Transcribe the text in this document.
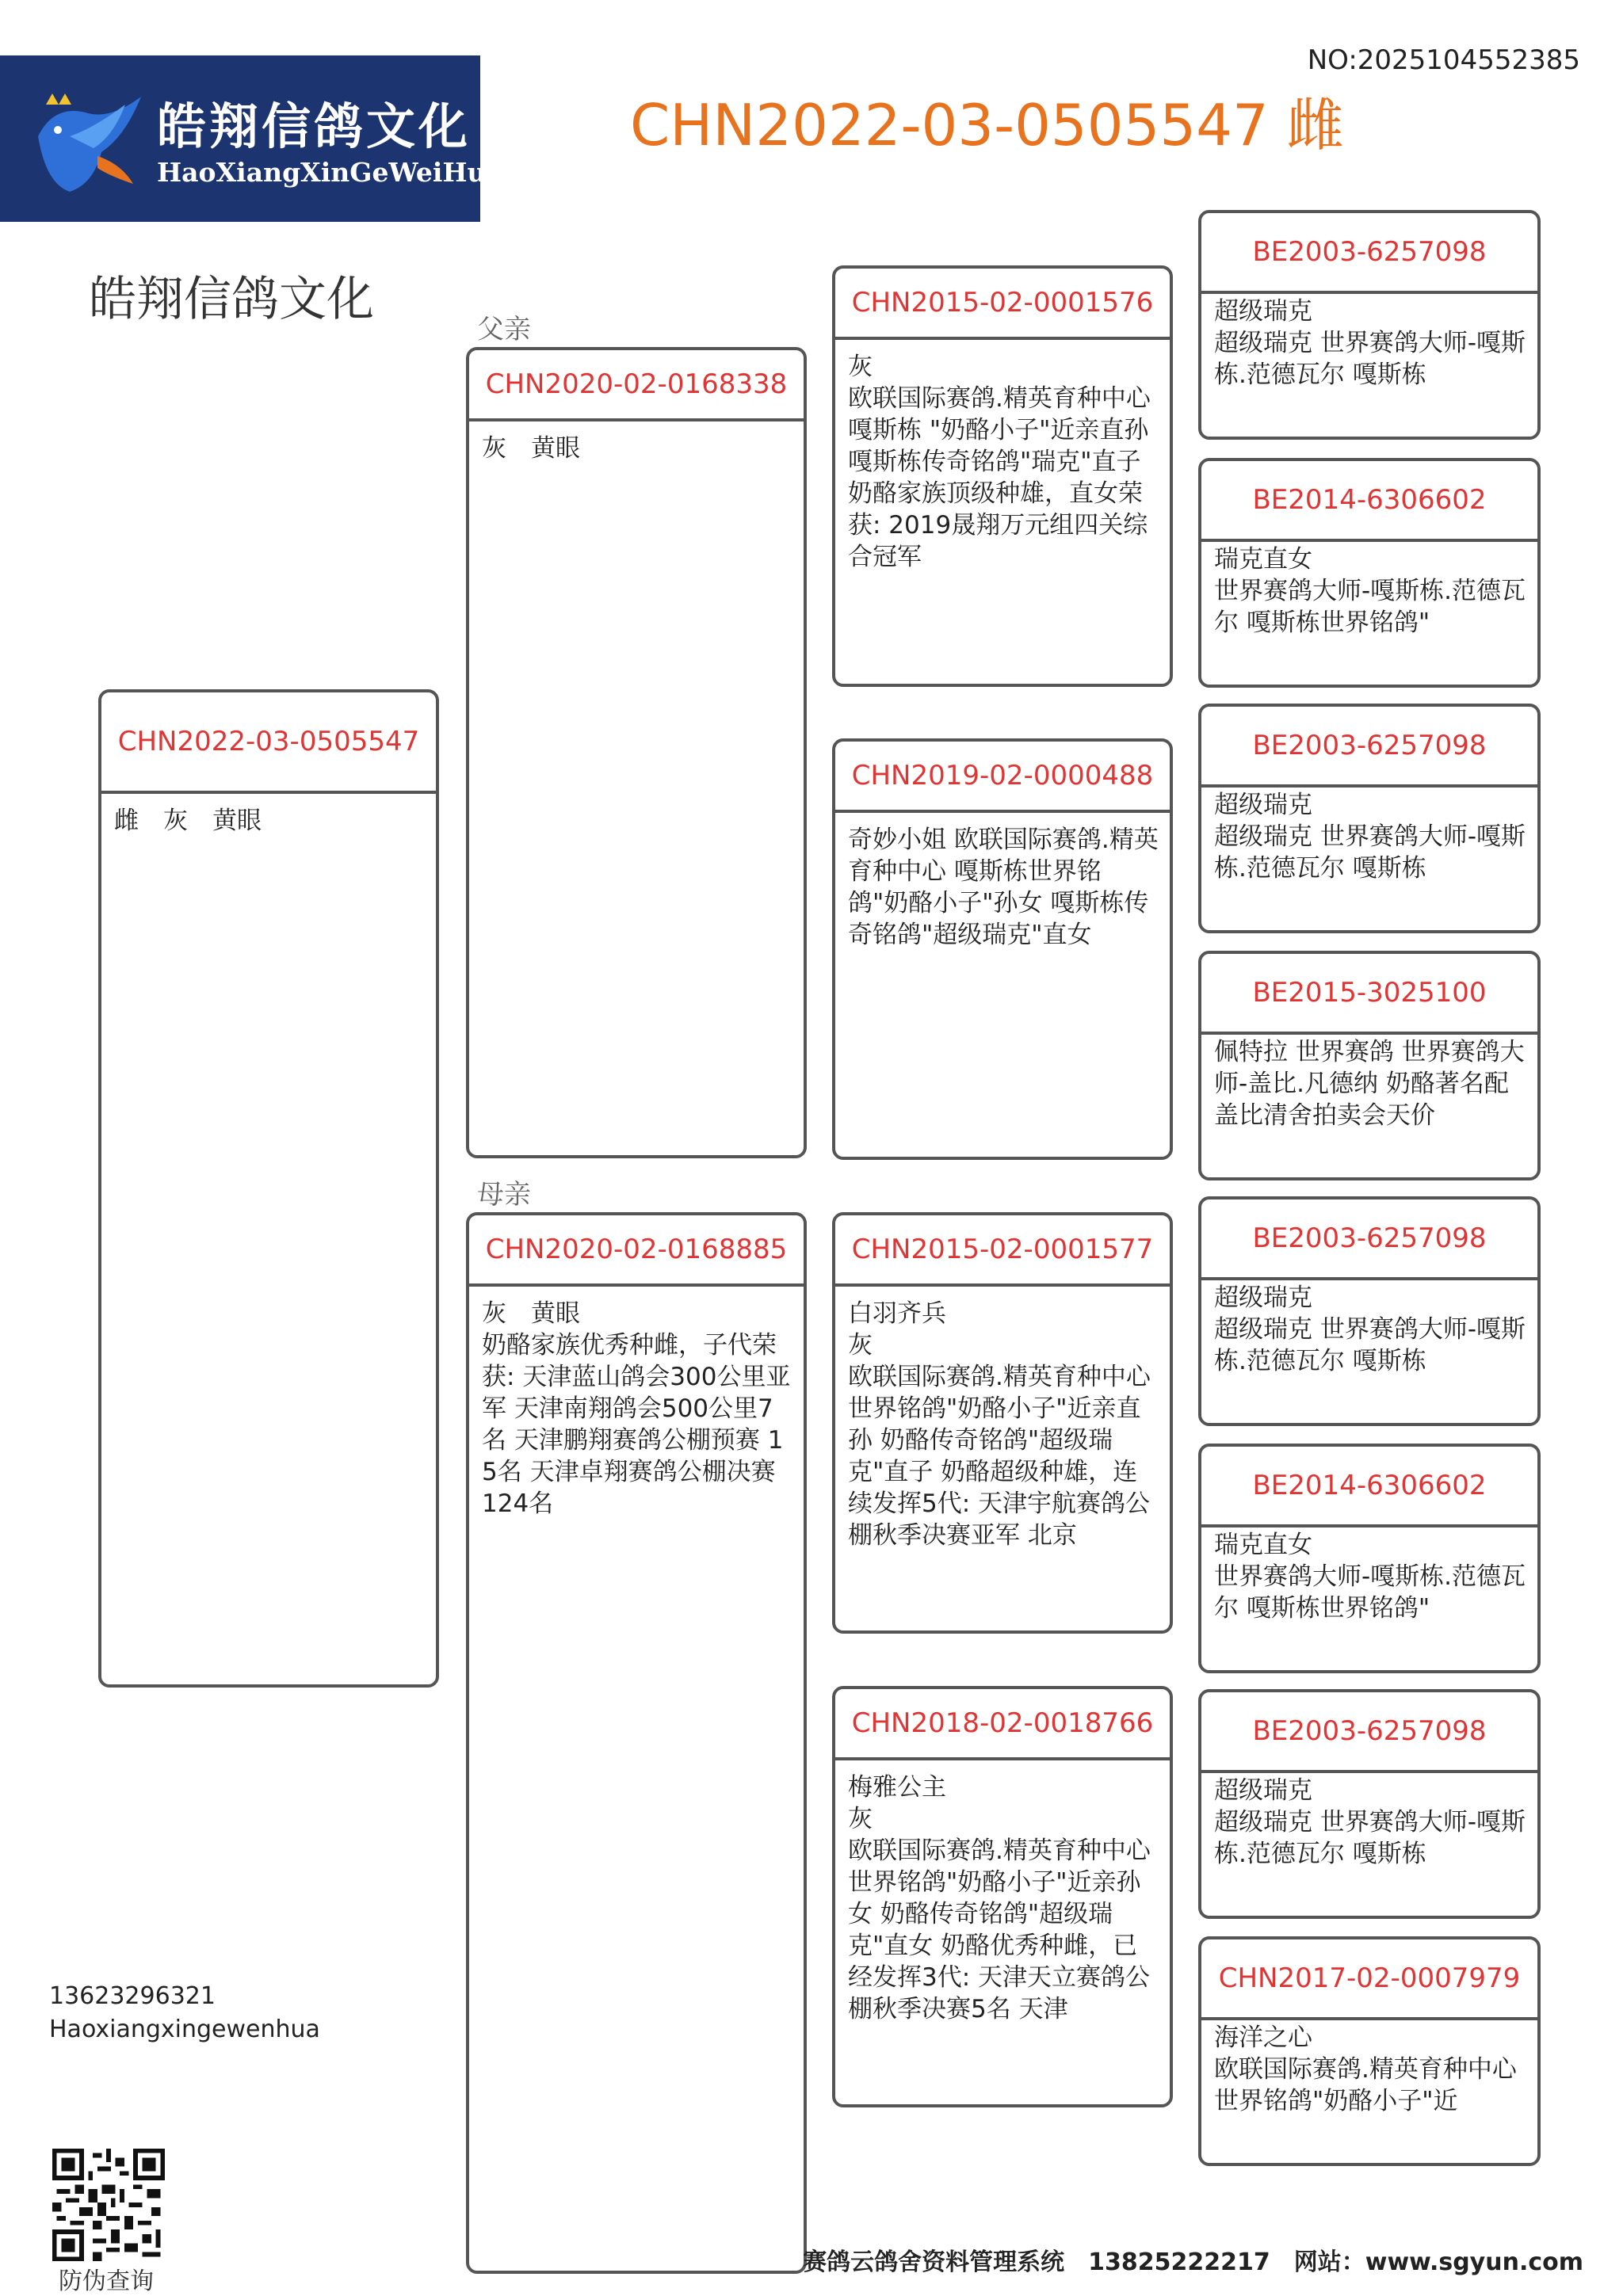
皓翔信鸽文化
HaoXiangXinGeWeiHua
NO:2025104552385
CHN2022-03-0505547 雌
皓翔信鸽文化
父亲
母亲
CHN2022-03-0505547
雌　灰　黄眼
CHN2020-02-0168338
灰　黄眼
CHN2020-02-0168885
灰　黄眼
奶酪家族优秀种雌，子代荣获: 天津蓝山鸽会300公里亚军 天津南翔鸽会500公里7名 天津鹏翔赛鸽公棚预赛 15名 天津卓翔赛鸽公棚决赛 124名
CHN2015-02-0001576
灰
欧联国际赛鸽.精英育种中心 嘎斯栋 "奶酪小子"近亲直孙 嘎斯栋传奇铭鸽"瑞克"直子 奶酪家族顶级种雄，直女荣获: 2019晟翔万元组四关综合冠军
CHN2019-02-0000488
奇妙小姐 欧联国际赛鸽.精英育种中心 嘎斯栋世界铭鸽"奶酪小子"孙女 嘎斯栋传奇铭鸽"超级瑞克"直女
CHN2015-02-0001577
白羽齐兵
灰
欧联国际赛鸽.精英育种中心 世界铭鸽"奶酪小子"近亲直孙 奶酪传奇铭鸽"超级瑞克"直子 奶酪超级种雄，连续发挥5代: 天津宇航赛鸽公棚秋季决赛亚军 北京
CHN2018-02-0018766
梅雅公主
灰
欧联国际赛鸽.精英育种中心 世界铭鸽"奶酪小子"近亲孙女 奶酪传奇铭鸽"超级瑞克"直女 奶酪优秀种雌，已经发挥3代: 天津天立赛鸽公棚秋季决赛5名 天津
BE2003-6257098
超级瑞克
超级瑞克 世界赛鸽大师-嘎斯栋.范德瓦尔 嘎斯栋
BE2014-6306602
瑞克直女
世界赛鸽大师-嘎斯栋.范德瓦尔 嘎斯栋世界铭鸽"
BE2003-6257098
超级瑞克
超级瑞克 世界赛鸽大师-嘎斯栋.范德瓦尔 嘎斯栋
BE2015-3025100
佩特拉 世界赛鸽 世界赛鸽大师-盖比.凡德纳 奶酪著名配 盖比清舍拍卖会天价
BE2003-6257098
超级瑞克
超级瑞克 世界赛鸽大师-嘎斯栋.范德瓦尔 嘎斯栋
BE2014-6306602
瑞克直女
世界赛鸽大师-嘎斯栋.范德瓦尔 嘎斯栋世界铭鸽"
BE2003-6257098
超级瑞克
超级瑞克 世界赛鸽大师-嘎斯栋.范德瓦尔 嘎斯栋
CHN2017-02-0007979
海洋之心
欧联国际赛鸽.精英育种中心 世界铭鸽"奶酪小子"近
13623296321
Haoxiangxingewenhua
防伪查询
赛鸽云鸽舍资料管理系统　13825222217　网站：www.sgyun.com
